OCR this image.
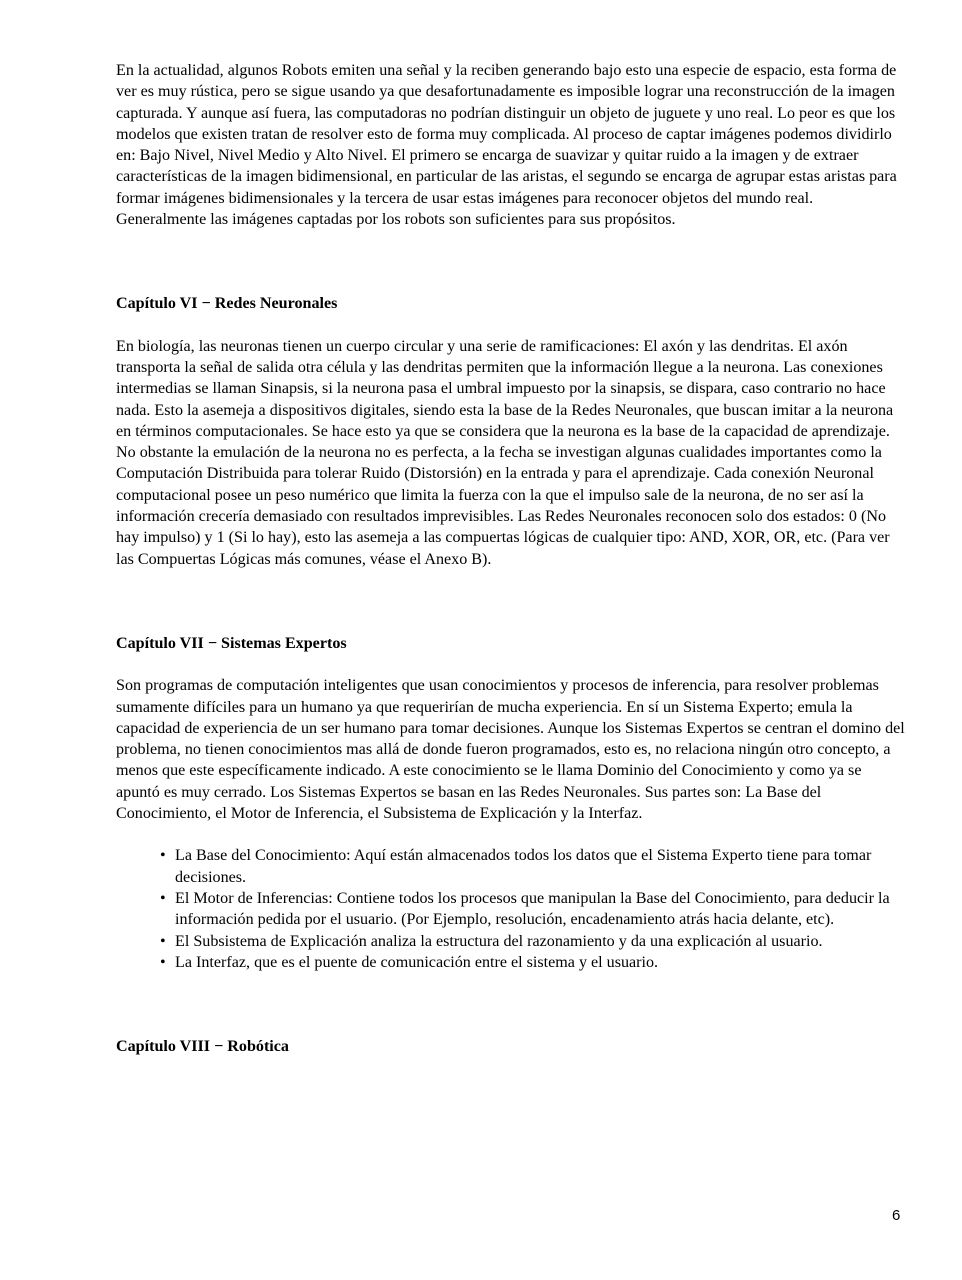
En la actualidad, algunos Robots emiten una señal y la reciben generando bajo esto una especie de espacio, esta forma de ver es muy rústica, pero se sigue usando ya que desafortunadamente es imposible lograr una reconstrucción de la imagen capturada. Y aunque así fuera, las computadoras no podrían distinguir un objeto de juguete y uno real. Lo peor es que los modelos que existen tratan de resolver esto de forma muy complicada. Al proceso de captar imágenes podemos dividirlo en: Bajo Nivel, Nivel Medio y Alto Nivel. El primero se encarga de suavizar y quitar ruido a la imagen y de extraer características de la imagen bidimensional, en particular de las aristas, el segundo se encarga de agrupar estas aristas para formar imágenes bidimensionales y la tercera de usar estas imágenes para reconocer objetos del mundo real. Generalmente las imágenes captadas por los robots son suficientes para sus propósitos.

Capítulo VI − Redes Neuronales

En biología, las neuronas tienen un cuerpo circular y una serie de ramificaciones: El axón y las dendritas. El axón transporta la señal de salida otra célula y las dendritas permiten que la información llegue a la neurona. Las conexiones intermedias se llaman Sinapsis, si la neurona pasa el umbral impuesto por la sinapsis, se dispara, caso contrario no hace nada. Esto la asemeja a dispositivos digitales, siendo esta la base de la Redes Neuronales, que buscan imitar a la neurona en términos computacionales. Se hace esto ya que se considera que la neurona es la base de la capacidad de aprendizaje. No obstante la emulación de la neurona no es perfecta, a la fecha se investigan algunas cualidades importantes como la Computación Distribuida para tolerar Ruido (Distorsión) en la entrada y para el aprendizaje. Cada conexión Neuronal computacional posee un peso numérico que limita la fuerza con la que el impulso sale de la neurona, de no ser así la información crecería demasiado con resultados imprevisibles. Las Redes Neuronales reconocen solo dos estados: 0 (No hay impulso) y 1 (Si lo hay), esto las asemeja a las compuertas lógicas de cualquier tipo: AND, XOR, OR, etc. (Para ver las Compuertas Lógicas más comunes, véase el Anexo B).

Capítulo VII − Sistemas Expertos

Son programas de computación inteligentes que usan conocimientos y procesos de inferencia, para resolver problemas sumamente difíciles para un humano ya que requerirían de mucha experiencia. En sí un Sistema Experto; emula la capacidad de experiencia de un ser humano para tomar decisiones. Aunque los Sistemas Expertos se centran el domino del problema, no tienen conocimientos mas allá de donde fueron programados, esto es, no relaciona ningún otro concepto, a menos que este específicamente indicado. A este conocimiento se le llama Dominio del Conocimiento y como ya se apuntó es muy cerrado. Los Sistemas Expertos se basan en las Redes Neuronales. Sus partes son: La Base del Conocimiento, el Motor de Inferencia, el Subsistema de Explicación y la Interfaz.

• La Base del Conocimiento: Aquí están almacenados todos los datos que el Sistema Experto tiene para tomar decisiones.
• El Motor de Inferencias: Contiene todos los procesos que manipulan la Base del Conocimiento, para deducir la información pedida por el usuario. (Por Ejemplo, resolución, encadenamiento atrás hacia delante, etc).
• El Subsistema de Explicación analiza la estructura del razonamiento y da una explicación al usuario.
• La Interfaz, que es el puente de comunicación entre el sistema y el usuario.
Capítulo VIII − Robótica
6
